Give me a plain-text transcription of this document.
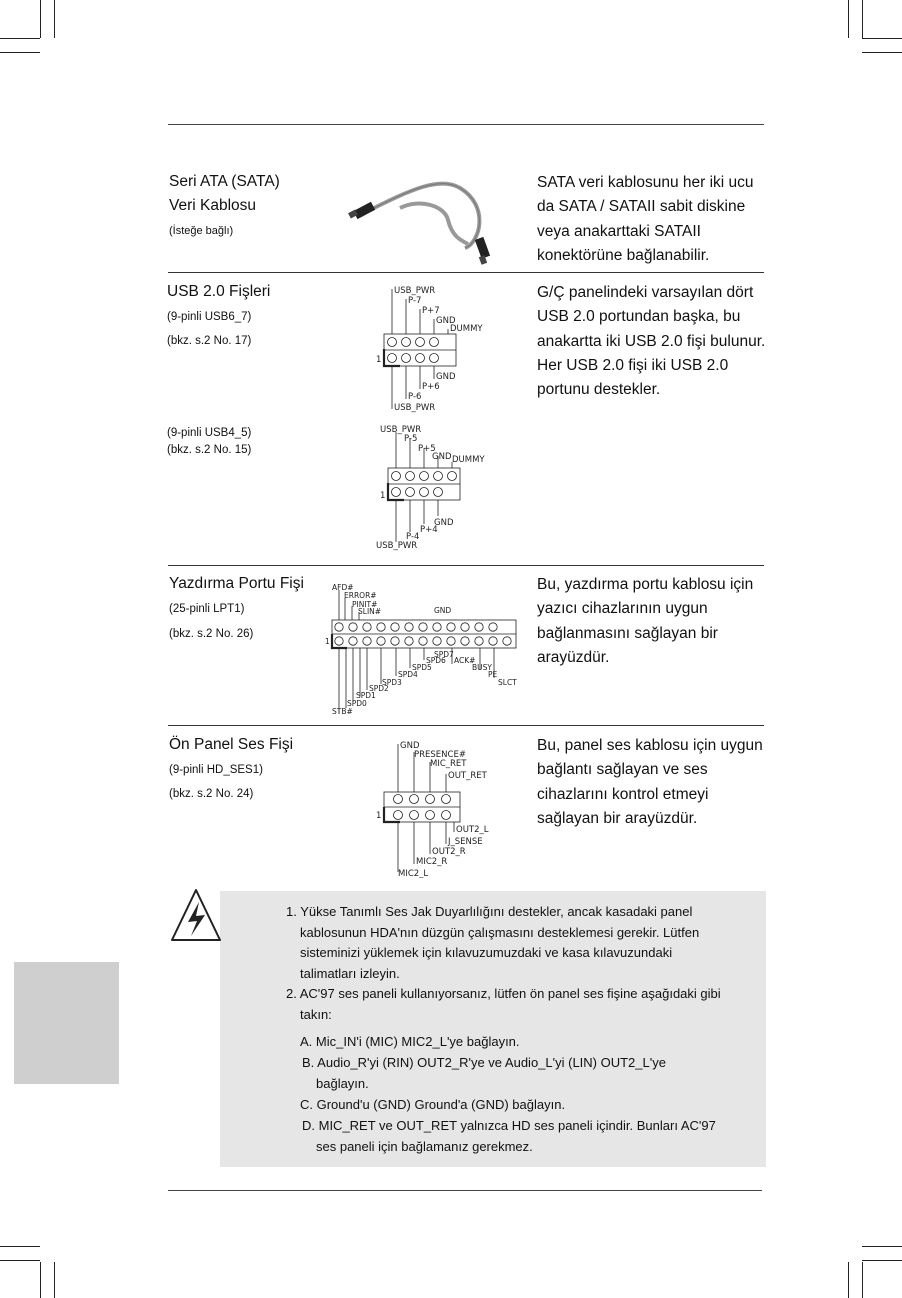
Seri ATA (SATA)
Veri Kablosu
(İsteğe bağlı)
SATA veri kablosunu her iki ucu
da SATA / SATAII sabit diskine
veya anakarttaki SATAII
konektörüne bağlanabilir.
USB 2.0 Fişleri
(9-pinli USB6_7)
(bkz. s.2 No. 17)
(9-pinli USB4_5)
(bkz. s.2 No. 15)
G/Ç panelindeki varsayılan dört
USB 2.0 portundan başka, bu
anakartta iki USB 2.0 fişi bulunur.
Her USB 2.0 fişi iki USB 2.0
portunu destekler.
USB_PWR
P-7
P+7
GND
DUMMY
GND
P+6
P-6
USB_PWR
1
USB_PWR
P-5
P+5
GND DUMMY
GND
P+4
P-4
USB_PWR
1
Yazdırma Portu Fişi
(25-pinli LPT1)
(bkz. s.2 No. 26)
Bu, yazdırma portu kablosu için
yazıcı cihazlarının uygun
bağlanmasını sağlayan bir
arayüzdür.
AFD#
ERROR#
PINIT#
SLIN#	GND
SPD7
SPD6 ACK#
SPD5	BUSY
SPD4	PE
SPD3	SLCT
SPD2
SPD1
SPD0
STB#
1
Ön Panel Ses Fişi
(9-pinli HD_SES1)
(bkz. s.2 No. 24)
Bu, panel ses kablosu için uygun
bağlantı sağlayan ve ses
cihazlarını kontrol etmeyi
sağlayan bir arayüzdür.
GND
PRESENCE#
MIC_RET
OUT_RET
OUT2_L
J_SENSE
OUT2_R
MIC2_R
MIC2_L
1
1. Yükse Tanımlı Ses Jak Duyarlılığını destekler, ancak kasadaki panel
kablosunun HDA'nın düzgün çalışmasını desteklemesi gerekir. Lütfen
sisteminizi yüklemek için kılavuzumuzdaki ve kasa kılavuzundaki
talimatları izleyin.
2. AC'97 ses paneli kullanıyorsanız, lütfen ön panel ses fişine aşağıdaki gibi
takın:
A. Mic_IN'i (MIC) MIC2_L'ye bağlayın.
B. Audio_R'yi (RIN) OUT2_R'ye ve Audio_L'yi (LIN) OUT2_L'ye
bağlayın.
C. Ground'u (GND) Ground'a (GND) bağlayın.
D. MIC_RET ve OUT_RET yalnızca HD ses paneli içindir. Bunları AC'97
ses paneli için bağlamanız gerekmez.
